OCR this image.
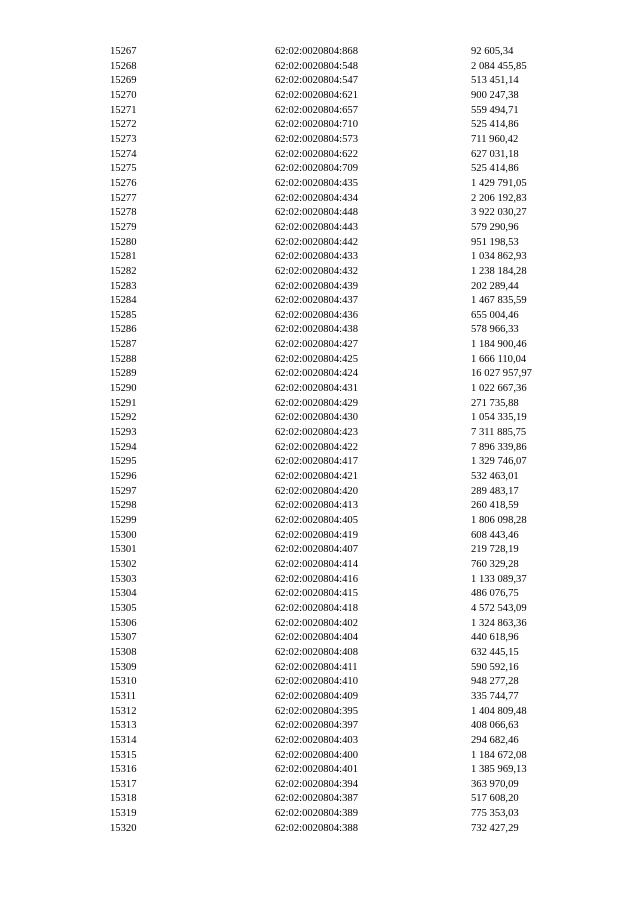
15267	62:02:0020804:868	92 605,34
15268	62:02:0020804:548	2 084 455,85
15269	62:02:0020804:547	513 451,14
15270	62:02:0020804:621	900 247,38
15271	62:02:0020804:657	559 494,71
15272	62:02:0020804:710	525 414,86
15273	62:02:0020804:573	711 960,42
15274	62:02:0020804:622	627 031,18
15275	62:02:0020804:709	525 414,86
15276	62:02:0020804:435	1 429 791,05
15277	62:02:0020804:434	2 206 192,83
15278	62:02:0020804:448	3 922 030,27
15279	62:02:0020804:443	579 290,96
15280	62:02:0020804:442	951 198,53
15281	62:02:0020804:433	1 034 862,93
15282	62:02:0020804:432	1 238 184,28
15283	62:02:0020804:439	202 289,44
15284	62:02:0020804:437	1 467 835,59
15285	62:02:0020804:436	655 004,46
15286	62:02:0020804:438	578 966,33
15287	62:02:0020804:427	1 184 900,46
15288	62:02:0020804:425	1 666 110,04
15289	62:02:0020804:424	16 027 957,97
15290	62:02:0020804:431	1 022 667,36
15291	62:02:0020804:429	271 735,88
15292	62:02:0020804:430	1 054 335,19
15293	62:02:0020804:423	7 311 885,75
15294	62:02:0020804:422	7 896 339,86
15295	62:02:0020804:417	1 329 746,07
15296	62:02:0020804:421	532 463,01
15297	62:02:0020804:420	289 483,17
15298	62:02:0020804:413	260 418,59
15299	62:02:0020804:405	1 806 098,28
15300	62:02:0020804:419	608 443,46
15301	62:02:0020804:407	219 728,19
15302	62:02:0020804:414	760 329,28
15303	62:02:0020804:416	1 133 089,37
15304	62:02:0020804:415	486 076,75
15305	62:02:0020804:418	4 572 543,09
15306	62:02:0020804:402	1 324 863,36
15307	62:02:0020804:404	440 618,96
15308	62:02:0020804:408	632 445,15
15309	62:02:0020804:411	590 592,16
15310	62:02:0020804:410	948 277,28
15311	62:02:0020804:409	335 744,77
15312	62:02:0020804:395	1 404 809,48
15313	62:02:0020804:397	408 066,63
15314	62:02:0020804:403	294 682,46
15315	62:02:0020804:400	1 184 672,08
15316	62:02:0020804:401	1 385 969,13
15317	62:02:0020804:394	363 970,09
15318	62:02:0020804:387	517 608,20
15319	62:02:0020804:389	775 353,03
15320	62:02:0020804:388	732 427,29
